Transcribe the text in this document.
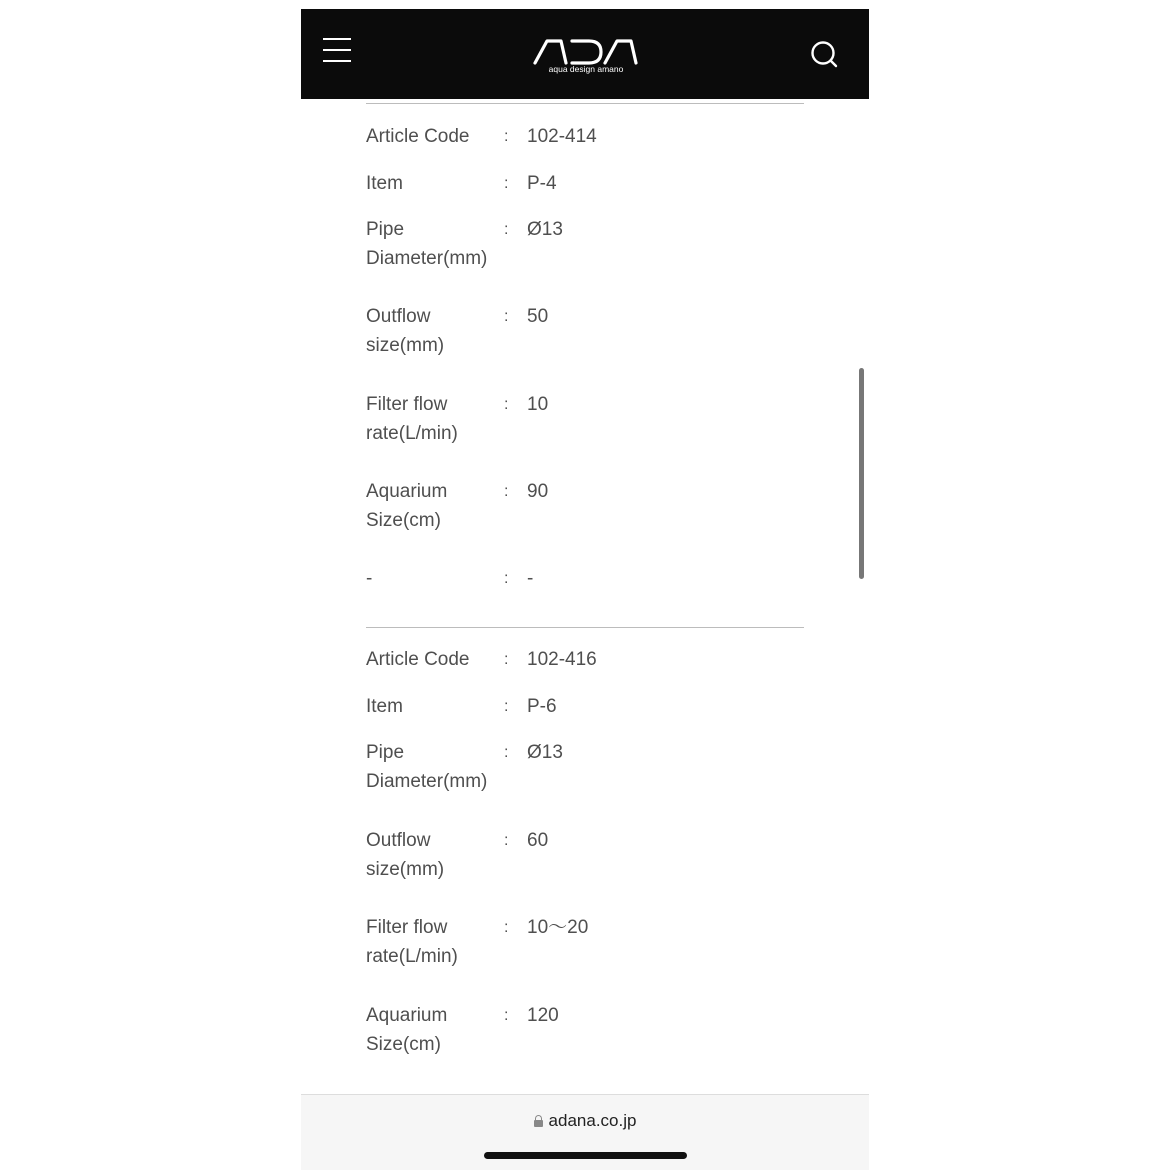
Article Code	: 102-414
Item	: P-4
Pipe Diameter(mm)
: Ø13
Outflow size(mm)
: 50
Filter flow rate(L/min)
: 10
Aquarium Size(cm)
: 90
-	: -
Article Code	: 102-416
Item	: P-6
Pipe Diameter(mm)
: Ø13
Outflow size(mm)
: 60
Filter flow rate(L/min)
: 10～20
Aquarium Size(cm)
: 120
aqua design amano
adana.co.jp
